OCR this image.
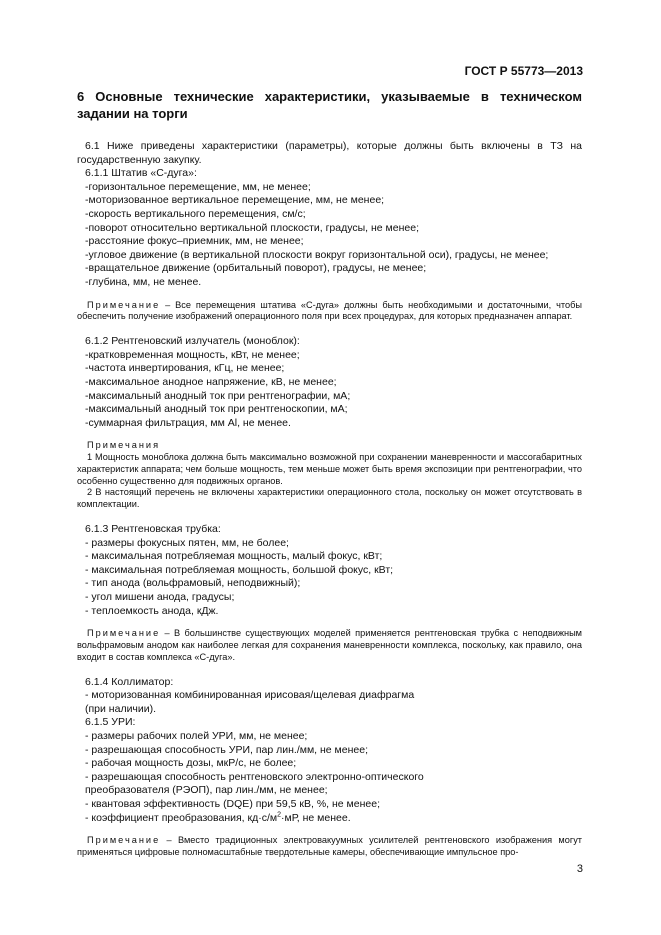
ГОСТ Р 55773—2013

6 Основные технические характеристики, указываемые в техническом задании на торги

6.1 Ниже приведены характеристики (параметры), которые должны быть включены в ТЗ на государственную закупку.

6.1.1 Штатив «С-дуга»:

-горизонтальное перемещение, мм, не менее;
-моторизованное вертикальное перемещение, мм, не менее;
-скорость вертикального перемещения, см/с;
-поворот относительно вертикальной плоскости, градусы, не менее;
-расстояние фокус–приемник, мм, не менее;
-угловое движение (в вертикальной плоскости вокруг горизонтальной оси), градусы, не менее;
-вращательное движение (орбитальный поворот), градусы, не менее;
-глубина, мм, не менее.

Примечание – Все перемещения штатива «С-дуга» должны быть необходимыми и достаточными, чтобы обеспечить получение изображений операционного поля при всех процедурах, для которых предназначен аппарат.

6.1.2 Рентгеновский излучатель (моноблок):

-кратковременная мощность, кВт, не менее;
-частота инвертирования, кГц, не менее;
-максимальное анодное напряжение, кВ, не менее;
-максимальный анодный ток при рентгенографии, мА;
-максимальный анодный ток при рентгеноскопии, мА;
-суммарная фильтрация, мм Al, не менее.

Примечания

1 Мощность моноблока должна быть максимально возможной при сохранении маневренности и массогабаритных характеристик аппарата; чем больше мощность, тем меньше может быть время экспозиции при рентгенографии, что особенно существенно для подвижных органов.

2 В настоящий перечень не включены характеристики операционного стола, поскольку он может отсутствовать в комплектации.

6.1.3 Рентгеновская трубка:

- размеры фокусных пятен, мм, не более;
- максимальная потребляемая мощность, малый фокус, кВт;
- максимальная потребляемая мощность, большой фокус, кВт;
- тип анода (вольфрамовый, неподвижный);
- угол мишени анода, градусы;
- теплоемкость анода, кДж.

Примечание – В большинстве существующих моделей применяется рентгеновская трубка с неподвижным вольфрамовым анодом как наиболее легкая для сохранения маневренности комплекса, поскольку, как правило, она входит в состав комплекса «С-дуга».

6.1.4 Коллиматор:

- моторизованная комбинированная ирисовая/щелевая диафрагма

(при наличии).

6.1.5 УРИ:

- размеры рабочих полей УРИ, мм, не менее;
- разрешающая способность УРИ, пар лин./мм, не менее;
- рабочая мощность дозы, мкР/с, не более;
- разрешающая способность рентгеновского электронно-оптического
преобразователя (РЭОП), пар лин./мм, не менее;
- квантовая эффективность (DQE) при 59,5 кВ, %, не менее;
- коэффициент преобразования, $кд\cdot с/м^2\cdot мР$, не менее.

Примечание – Вместо традиционных электровакуумных усилителей рентгеновского изображения могут применяться цифровые полномасштабные твердотельные камеры, обеспечивающие импульсное про-

3
